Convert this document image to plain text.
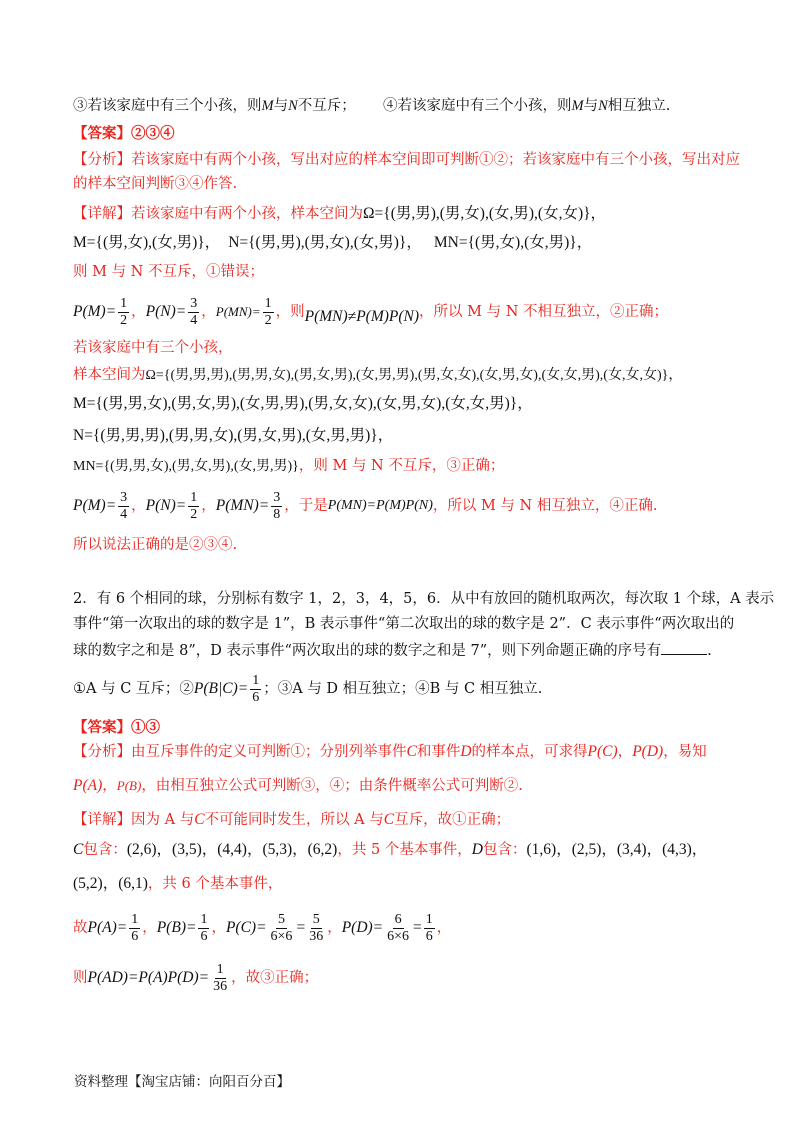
③若该家庭中有三个小孩，则M与N不互斥； ④若该家庭中有三个小孩，则M与N相互独立.
【答案】②③④
【分析】若该家庭中有两个小孩，写出对应的样本空间即可判断①②；若该家庭中有三个小孩，写出对应
的样本空间判断③④作答.
【详解】若该家庭中有两个小孩，样本空间为Ω={(男,男),(男,女),(女,男),(女,女)}，
M={(男,女),(女,男)}， N={(男,男),(男,女),(女,男)}， MN={(男,女),(女,男)}，
则 M 与 N 不互斥，①错误；
$P(M)= \frac{1}{2}$ ， $P(N)= \frac{3}{4}$ ， $P(MN)= \frac{1}{2}$ ，则 P(MN)≠P(M)P(N) ，所以 M 与 N 不相互独立，②正确；
若该家庭中有三个小孩，
样本空间为Ω={(男,男,男),(男,男,女),(男,女,男),(女,男,男),(男,女,女),(女,男,女),(女,女,男),(女,女,女)}，
M={(男,男,女),(男,女,男),(女,男,男),(男,女,女),(女,男,女),(女,女,男)}，
N={(男,男,男),(男,男,女),(男,女,男),(女,男,男)}，
MN={(男,男,女),(男,女,男),(女,男,男)}，则 M 与 N 不互斥，③正确；
$P(M)= \frac{3}{4}$ ， $P(N)= \frac{1}{2}$ ， $P(MN)= \frac{3}{8}$ ，于是 P(MN)=P(M)P(N) ，所以 M 与 N 相互独立，④正确.
所以说法正确的是②③④.
2．有 6 个相同的球，分别标有数字 1，2，3，4，5，6．从中有放回的随机取两次，每次取 1 个球，A 表示
事件“第一次取出的球的数字是 1”，B 表示事件“第二次取出的球的数字是 2”．C 表示事件“两次取出的
球的数字之和是 8”，D 表示事件“两次取出的球的数字之和是 7”，则下列命题正确的序号有	.
①A 与 C 互斥；② $P(B|C)= \frac{1}{6}$ ；③A 与 D 相互独立；④B 与 C 相互独立.
【答案】①③
【分析】由互斥事件的定义可判断①；分别列举事件C和事件D的样本点，可求得P(C)，P(D)，易知
P(A)，P(B)，由相互独立公式可判断③，④；由条件概率公式可判断②.
【详解】因为 A 与C不可能同时发生，所以 A 与C互斥，故①正确；
C包含：(2,6)，(3,5)，(4,4)，(5,3)，(6,2)，共 5 个基本事件，D包含：(1,6)，(2,5)，(3,4)，(4,3)，
(5,2)，(6,1)，共 6 个基本事件，
故 $P(A)= \frac{1}{6}$ ， $P(B)= \frac{1}{6}$ ， $P(C)= \frac{5}{6\times 6} = \frac{5}{36}$ ， $P(D)= \frac{6}{6\times 6} = \frac{1}{6}$ ，
则 $P(AD)=P(A)P(D)= \frac{1}{36}$ ，故③正确；
资料整理【淘宝店铺：向阳百分百】
